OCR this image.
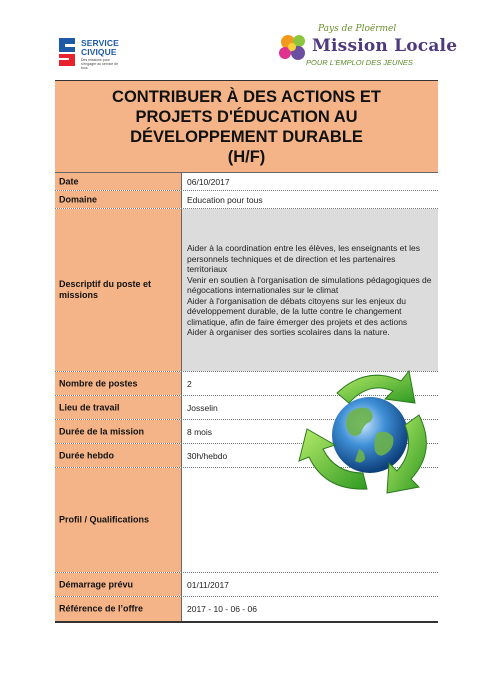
SERVICE
CIVIQUE
Des missions pour s'engager au service de tous
Pays de Ploërmel
Mission Locale
POUR L'EMPLOI DES JEUNES
CONTRIBUER À DES ACTIONS ET
PROJETS D'ÉDUCATION AU
DÉVELOPPEMENT DURABLE
(H/F)
Date	06/10/2017
Domaine	Education pour tous
Descriptif du poste et missions
Aider à la coordination entre les élèves, les enseignants et les personnels techniques et de direction et les partenaires territoriaux
Venir en soutien à l'organisation de simulations pédagogiques de négocations internationales sur le climat
Aider à l'organisation de débats citoyens sur les enjeux du développement durable, de la lutte contre le changement climatique, afin de faire émerger des projets et des actions
Aider à organiser des sorties scolaires dans la nature.
Nombre de postes	2
Lieu de travail	Josselin
Durée de la mission	8 mois
Durée hebdo	30h/hebdo
Profil / Qualifications
Démarrage prévu	01/11/2017
Référence de l’offre	2017 - 10 - 06 - 06
